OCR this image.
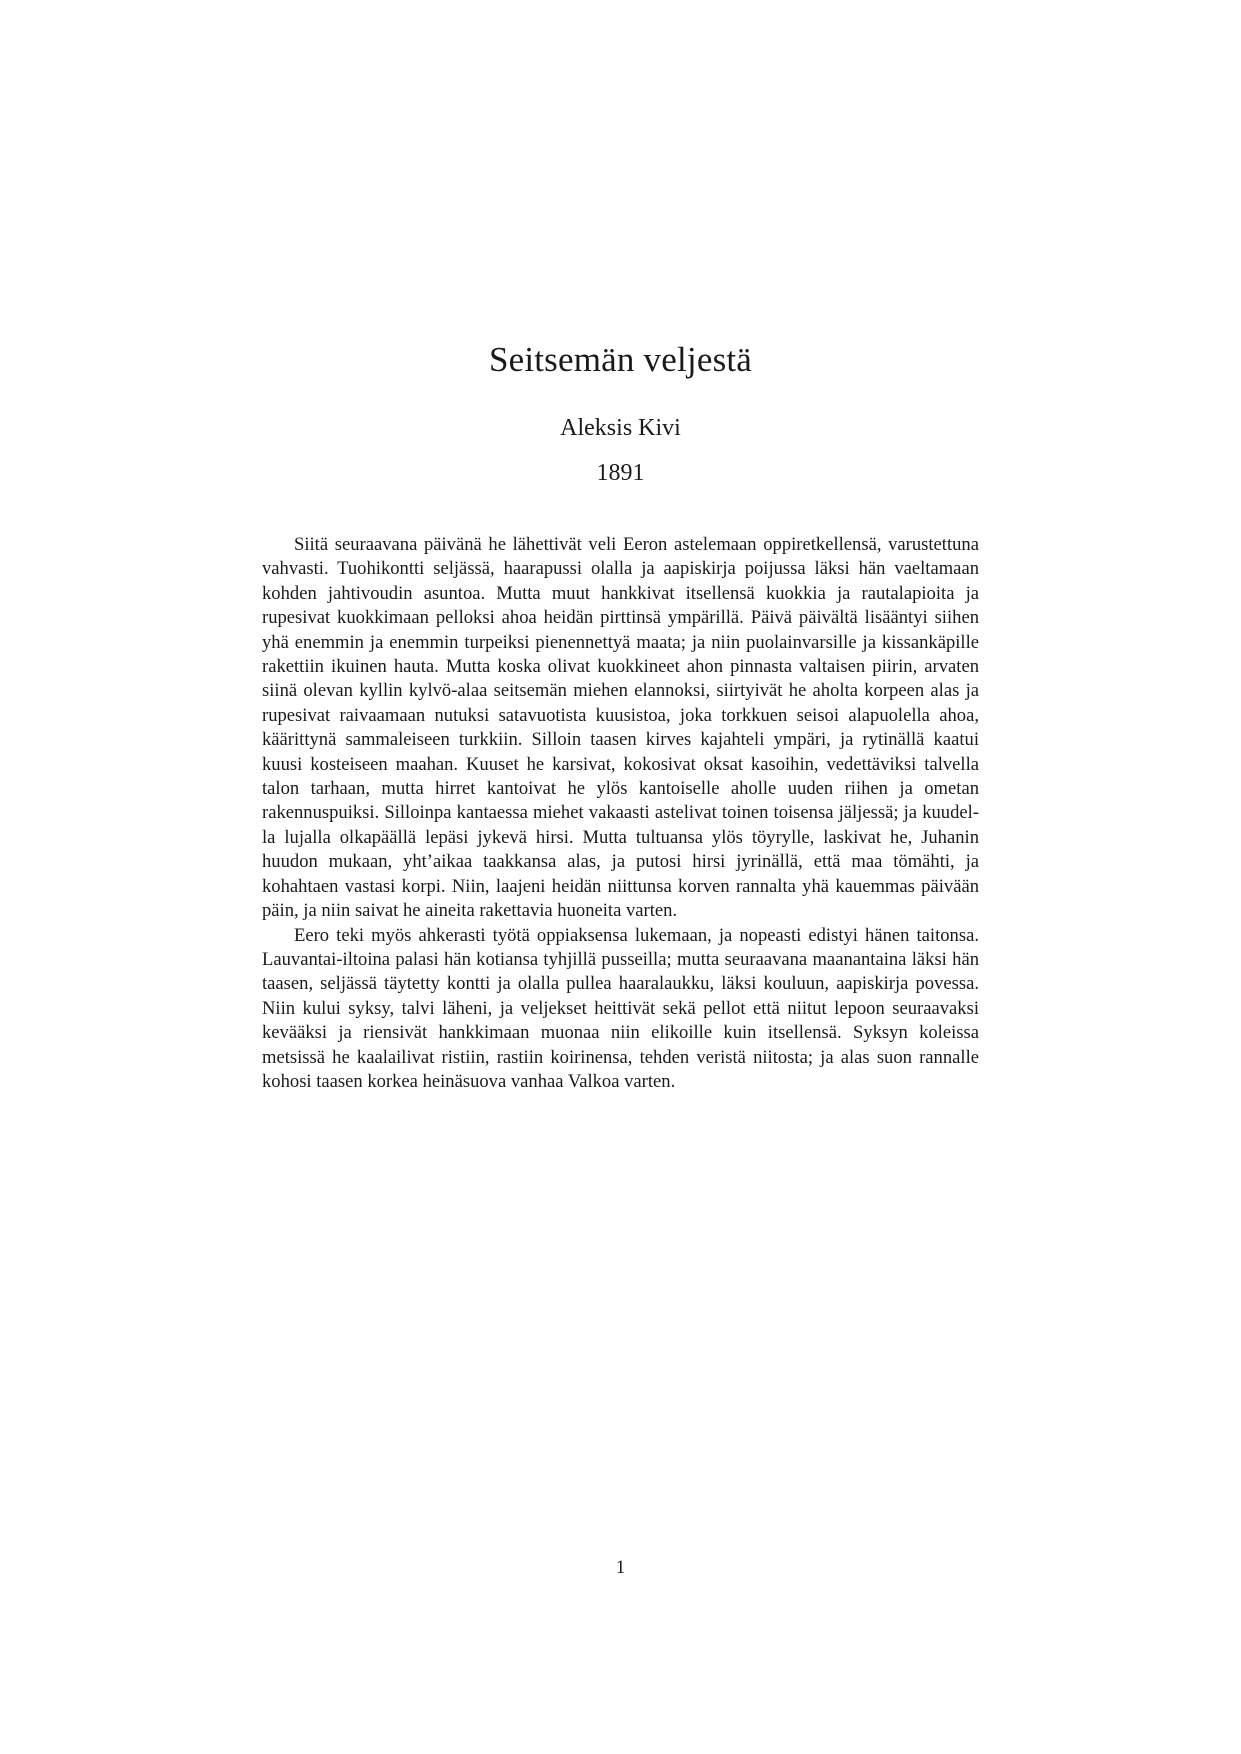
Seitsemän veljestä
Aleksis Kivi
1891

Siitä seuraavana päivänä he lähettivät veli Eeron astelemaan oppiretkellensä, varustettuna vahvasti. Tuohikontti seljässä, haarapussi olalla ja aapiskirja poijussa läksi hän vaeltamaan kohden jahtivoudin asuntoa. Mutta muut hankkivat itsellensä kuokkia ja rautalapioita ja rupesivat kuokkimaan pelloksi ahoa heidän pirttinsä ympärillä. Päivä päivältä lisääntyi siihen yhä enemmin ja enemmin turpeiksi pienennettyä maata; ja niin puolainvarsille ja kissankäpille rakettiin ikuinen hauta. Mutta koska olivat kuokkineet ahon pinnasta valtaisen piirin, arvaten siinä olevan kyllin kylvö-alaa seitsemän miehen elannoksi, siirtyivät he aholta korpeen alas ja rupesivat raivaamaan nutuksi satavuotista kuusistoa, joka torkkuen seisoi alapuolella ahoa, käärittynä sammaleiseen turkkiin. Silloin taasen kirves kajahteli ympäri, ja rytinällä kaatui kuusi kosteiseen maahan. Kuuset he karsivat, kokosivat oksat kasoihin, vedettäviksi talvella talon tarhaan, mutta hirret kantoivat he ylös kantoiselle aholle uuden riihen ja ometan rakennuspuiksi. Silloinpa kantaessa miehet vakaasti astelivat toinen toisensa jäljessä; ja kuudella lujalla olkapäällä lepäsi jykevä hirsi. Mutta tultuansa ylös töyrylle, laskivat he, Juhanin huudon mukaan, yht’aikaa taakkansa alas, ja putosi hirsi jyrinällä, että maa tömähti, ja kohahtaen vastasi korpi. Niin, laajeni heidän niittunsa korven rannalta yhä kauemmas päivään päin, ja niin saivat he aineita rakettavia huoneita varten.

Eero teki myös ahkerasti työtä oppiaksensa lukemaan, ja nopeasti edistyi hänen taitonsa. Lauvantai-iltoina palasi hän kotiansa tyhjillä pusseilla; mutta seuraavana maanantaina läksi hän taasen, seljässä täytetty kontti ja olalla pullea haaralaukku, läksi kouluun, aapiskirja povessa. Niin kului syksy, talvi läheni, ja veljekset heittivät sekä pellot että niitut lepoon seuraavaksi kevääksi ja riensivät hankkimaan muonaa niin elikoille kuin itsellensä. Syksyn koleissa metsissä he kaalailivat ristiin, rastiin koirinensa, tehden veristä niitosta; ja alas suon rannalle kohosi taasen korkea heinäsuova vanhaa Valkoa varten.

1
